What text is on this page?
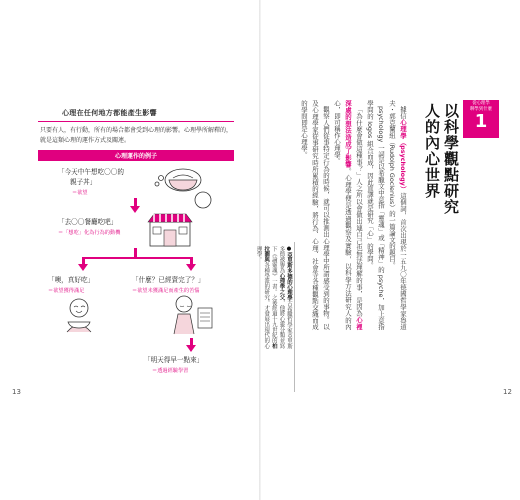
心理在任何地方都能產生影響
只要有人，有行動，所有的場合都會受到心理的影響。心理學所解釋的，就是這類心理的運作方式及關連。
心理運作的例子
「今天中午想吃〇〇的
親子丼」
＝欲望
「去〇〇餐廳吃吧」
＝「想吃」化為行為的動機
「噢，真好吃」
＝欲望獲得滿足
「什麼？已經賣完了？」
＝欲望未獲滿足而產生的苦惱
「明天得早一點來」
＝透過經驗學習
13
從心理學
聊學到什麼
1
以科學觀點研究
人的內心世界

據信心理學（psychology）這個詞，首次出現於一五九〇年德國哲學家魯道夫・郭克蘭紐（Rudolph Goclenius）的一篇論文的題目。

psychology 一詞是以希臘文中意指「靈魂」或「精神」的 psyche，加上意指學問的 logos 組合而成，因此直譯就是研究「心」的學問。

「為什麼會做這種事？」人之所以會做出連自己也無法理解的事，是因為心裡深處的想法造成了影響。心理學便是透過觀察及實驗，以科學方法研究人的內心，即可稱作心理學。

觀察人們從事特定行為的時候，就可以推測出心理學中所謂感受到的事物。以及心理學家從事研究時所累積的經驗，將行為、心理、社會等各種觀點交織而成的學問即是心理學。

●亞里斯多德的心理學古希臘哲學家亞里斯多德被譽為心理學之父，他將心靈分類並寫下《論靈魂》一書。之後經過十九世紀的柏拉圖與各種學派的研究，才發展出現代的心理學。
12
